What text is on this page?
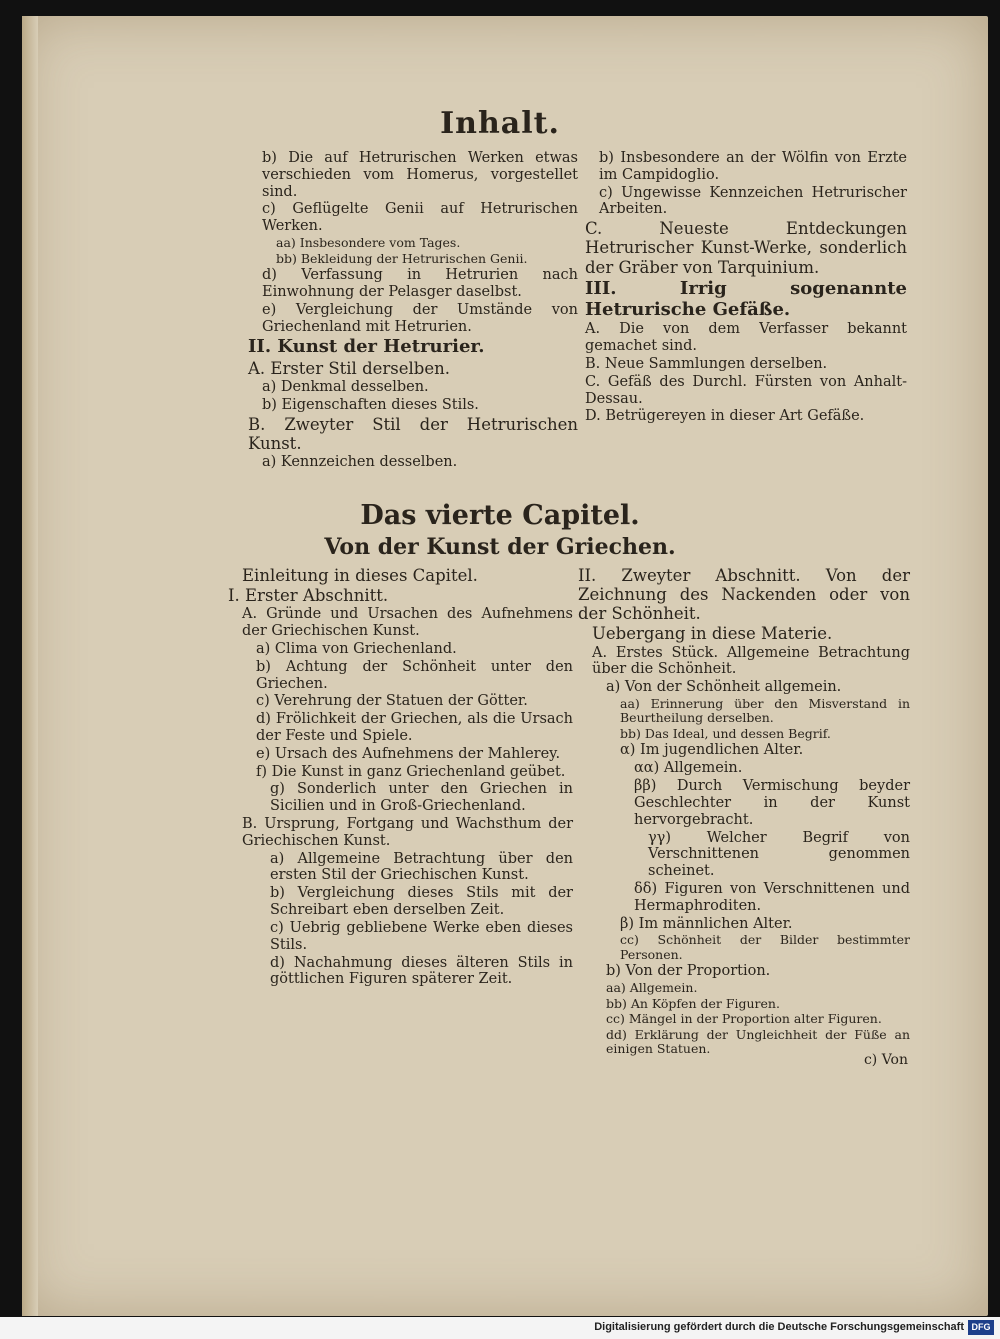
Inhalt.
b) Die auf Hetrurischen Werken etwas verschieden vom Homerus, vorgestellet sind.
c) Geflügelte Genii auf Hetrurischen Werken.
aa) Insbesondere vom Tages.
bb) Bekleidung der Hetrurischen Genii.
d) Verfassung in Hetrurien nach Einwohnung der Pelasger daselbst.
e) Vergleichung der Umstände von Griechenland mit Hetrurien.
II. Kunst der Hetrurier.
A. Erster Stil derselben.
a) Denkmal desselben.
b) Eigenschaften dieses Stils.
B. Zweyter Stil der Hetrurischen Kunst.
a) Kennzeichen desselben.
b) Insbesondere an der Wölfin von Erzte im Campidoglio.
c) Ungewisse Kennzeichen Hetrurischer Arbeiten.
C. Neueste Entdeckungen Hetrurischer Kunst-Werke, sonderlich der Gräber von Tarquinium.
III. Irrig sogenannte Hetrurische Gefäße.
A. Die von dem Verfasser bekannt gemachet sind.
B. Neue Sammlungen derselben.
C. Gefäß des Durchl. Fürsten von Anhalt-Dessau.
D. Betrügereyen in dieser Art Gefäße.
Das vierte Capitel.
Von der Kunst der Griechen.
Einleitung in dieses Capitel.
I. Erster Abschnitt.
A. Gründe und Ursachen des Aufnehmens der Griechischen Kunst.
a) Clima von Griechenland.
b) Achtung der Schönheit unter den Griechen.
c) Verehrung der Statuen der Götter.
d) Frölichkeit der Griechen, als die Ursach der Feste und Spiele.
e) Ursach des Aufnehmens der Mahlerey.
f) Die Kunst in ganz Griechenland geübet.
g) Sonderlich unter den Griechen in Sicilien und in Groß-Griechenland.
B. Ursprung, Fortgang und Wachsthum der Griechischen Kunst.
a) Allgemeine Betrachtung über den ersten Stil der Griechischen Kunst.
b) Vergleichung dieses Stils mit der Schreibart eben derselben Zeit.
c) Uebrig gebliebene Werke eben dieses Stils.
d) Nachahmung dieses älteren Stils in göttlichen Figuren späterer Zeit.
II. Zweyter Abschnitt. Von der Zeichnung des Nackenden oder von der Schönheit.
Uebergang in diese Materie.
A. Erstes Stück. Allgemeine Betrachtung über die Schönheit.
a) Von der Schönheit allgemein.
aa) Erinnerung über den Misverstand in Beurtheilung derselben.
bb) Das Ideal, und dessen Begrif.
α) Im jugendlichen Alter.
αα) Allgemein.
ββ) Durch Vermischung beyder Geschlechter in der Kunst hervorgebracht.
γγ) Welcher Begrif von Verschnittenen genommen scheinet.
δδ) Figuren von Verschnittenen und Hermaphroditen.
β) Im männlichen Alter.
cc) Schönheit der Bilder bestimmter Personen.
b) Von der Proportion.
aa) Allgemein.
bb) An Köpfen der Figuren.
cc) Mängel in der Proportion alter Figuren.
dd) Erklärung der Ungleichheit der Füße an einigen Statuen.
c) Von
Digitalisierung gefördert durch die Deutsche Forschungsgemeinschaft DFG
